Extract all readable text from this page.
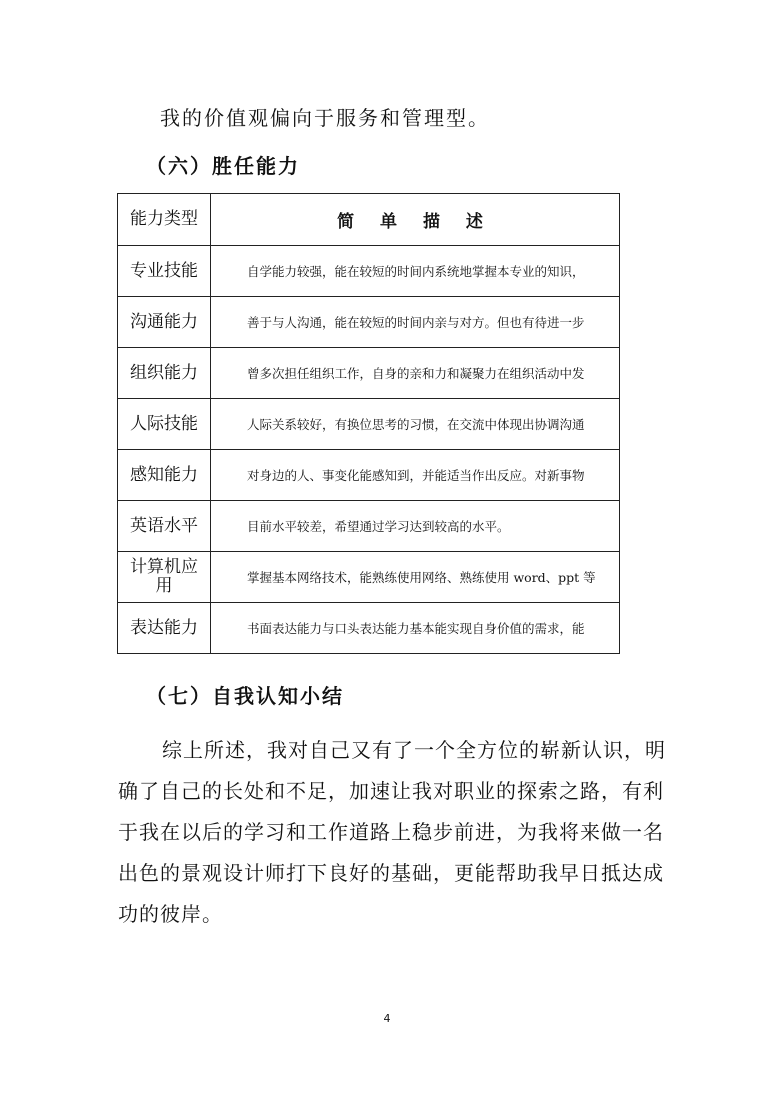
我的价值观偏向于服务和管理型。
（六）胜任能力
能力类型	简 单 描 述
专业技能	自学能力较强，能在较短的时间内系统地掌握本专业的知识，
沟通能力	善于与人沟通，能在较短的时间内亲与对方。但也有待进一步
组织能力	曾多次担任组织工作，自身的亲和力和凝聚力在组织活动中发
人际技能	人际关系较好，有换位思考的习惯，在交流中体现出协调沟通
感知能力	对身边的人、事变化能感知到，并能适当作出反应。对新事物
英语水平	目前水平较差，希望通过学习达到较高的水平。
计算机应用	掌握基本网络技术，能熟练使用网络、熟练使用 word、ppt 等
表达能力	书面表达能力与口头表达能力基本能实现自身价值的需求，能
（七）自我认知小结
综上所述，我对自己又有了一个全方位的崭新认识，明
确了自己的长处和不足，加速让我对职业的探索之路，有利
于我在以后的学习和工作道路上稳步前进，为我将来做一名
出色的景观设计师打下良好的基础，更能帮助我早日抵达成
功的彼岸。
4
